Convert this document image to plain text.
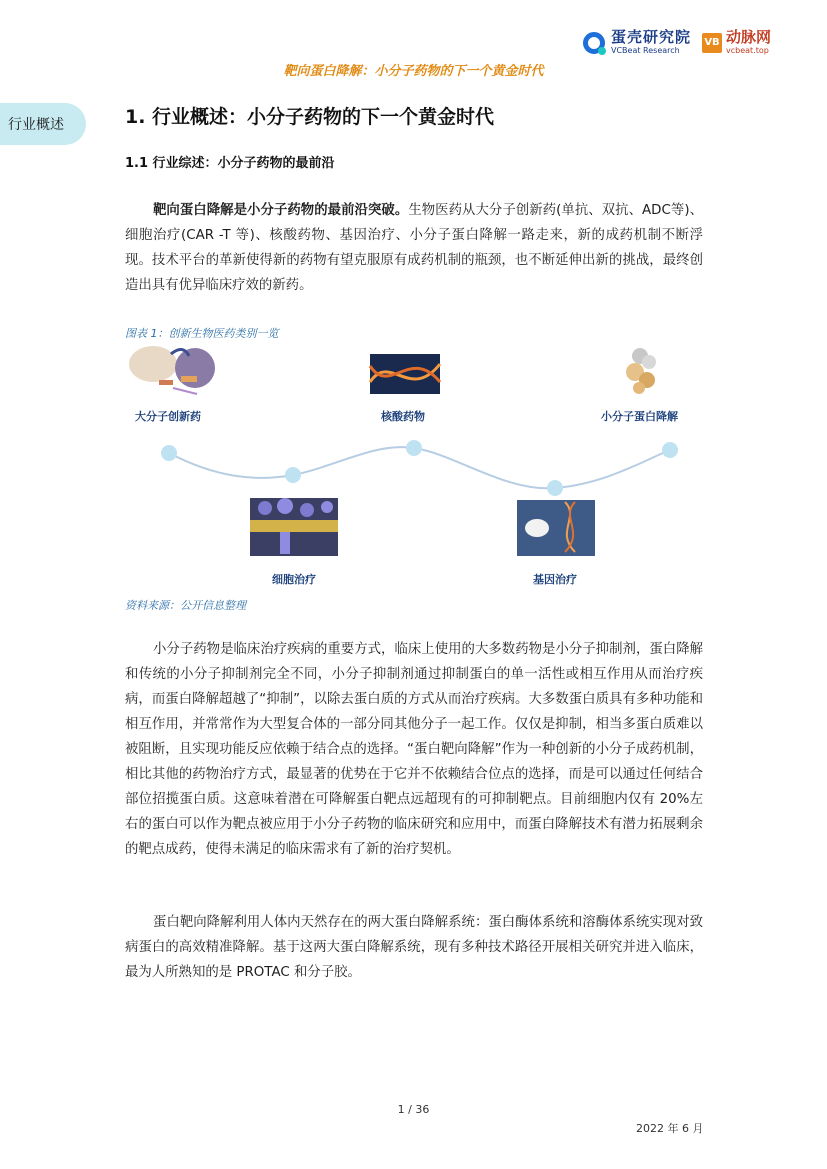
蛋壳研究院
VCBeat Research
VB 动脉网
vcbeat.top
靶向蛋白降解：小分子药物的下一个黄金时代
行业概述	1. 行业概述：小分子药物的下一个黄金时代
1.1 行业综述：小分子药物的最前沿
靶向蛋白降解是小分子药物的最前沿突破。生物医药从大分子创新药(单抗、双抗、ADC等)、细胞治疗(CAR -T 等)、核酸药物、基因治疗、小分子蛋白降解一路走来，新的成药机制不断浮现。技术平台的革新使得新的药物有望克服原有成药机制的瓶颈，也不断延伸出新的挑战，最终创造出具有优异临床疗效的新药。
图表 1：创新生物医药类别一览
大分子创新药
细胞治疗
核酸药物
基因治疗
小分子蛋白降解
资料来源：公开信息整理
小分子药物是临床治疗疾病的重要方式，临床上使用的大多数药物是小分子抑制剂，蛋白降解和传统的小分子抑制剂完全不同，小分子抑制剂通过抑制蛋白的单一活性或相互作用从而治疗疾病，而蛋白降解超越了“抑制”，以除去蛋白质的方式从而治疗疾病。大多数蛋白质具有多种功能和相互作用，并常常作为大型复合体的一部分同其他分子一起工作。仅仅是抑制，相当多蛋白质难以被阻断，且实现功能反应依赖于结合点的选择。“蛋白靶向降解”作为一种创新的小分子成药机制，相比其他的药物治疗方式，最显著的优势在于它并不依赖结合位点的选择，而是可以通过任何结合部位招揽蛋白质。这意味着潜在可降解蛋白靶点远超现有的可抑制靶点。目前细胞内仅有 20%左右的蛋白可以作为靶点被应用于小分子药物的临床研究和应用中，而蛋白降解技术有潜力拓展剩余的靶点成药，使得未满足的临床需求有了新的治疗契机。
蛋白靶向降解利用人体内天然存在的两大蛋白降解系统：蛋白酶体系统和溶酶体系统实现对致病蛋白的高效精准降解。基于这两大蛋白降解系统，现有多种技术路径开展相关研究并进入临床，最为人所熟知的是 PROTAC 和分子胶。
1 / 36
2022 年 6 月
